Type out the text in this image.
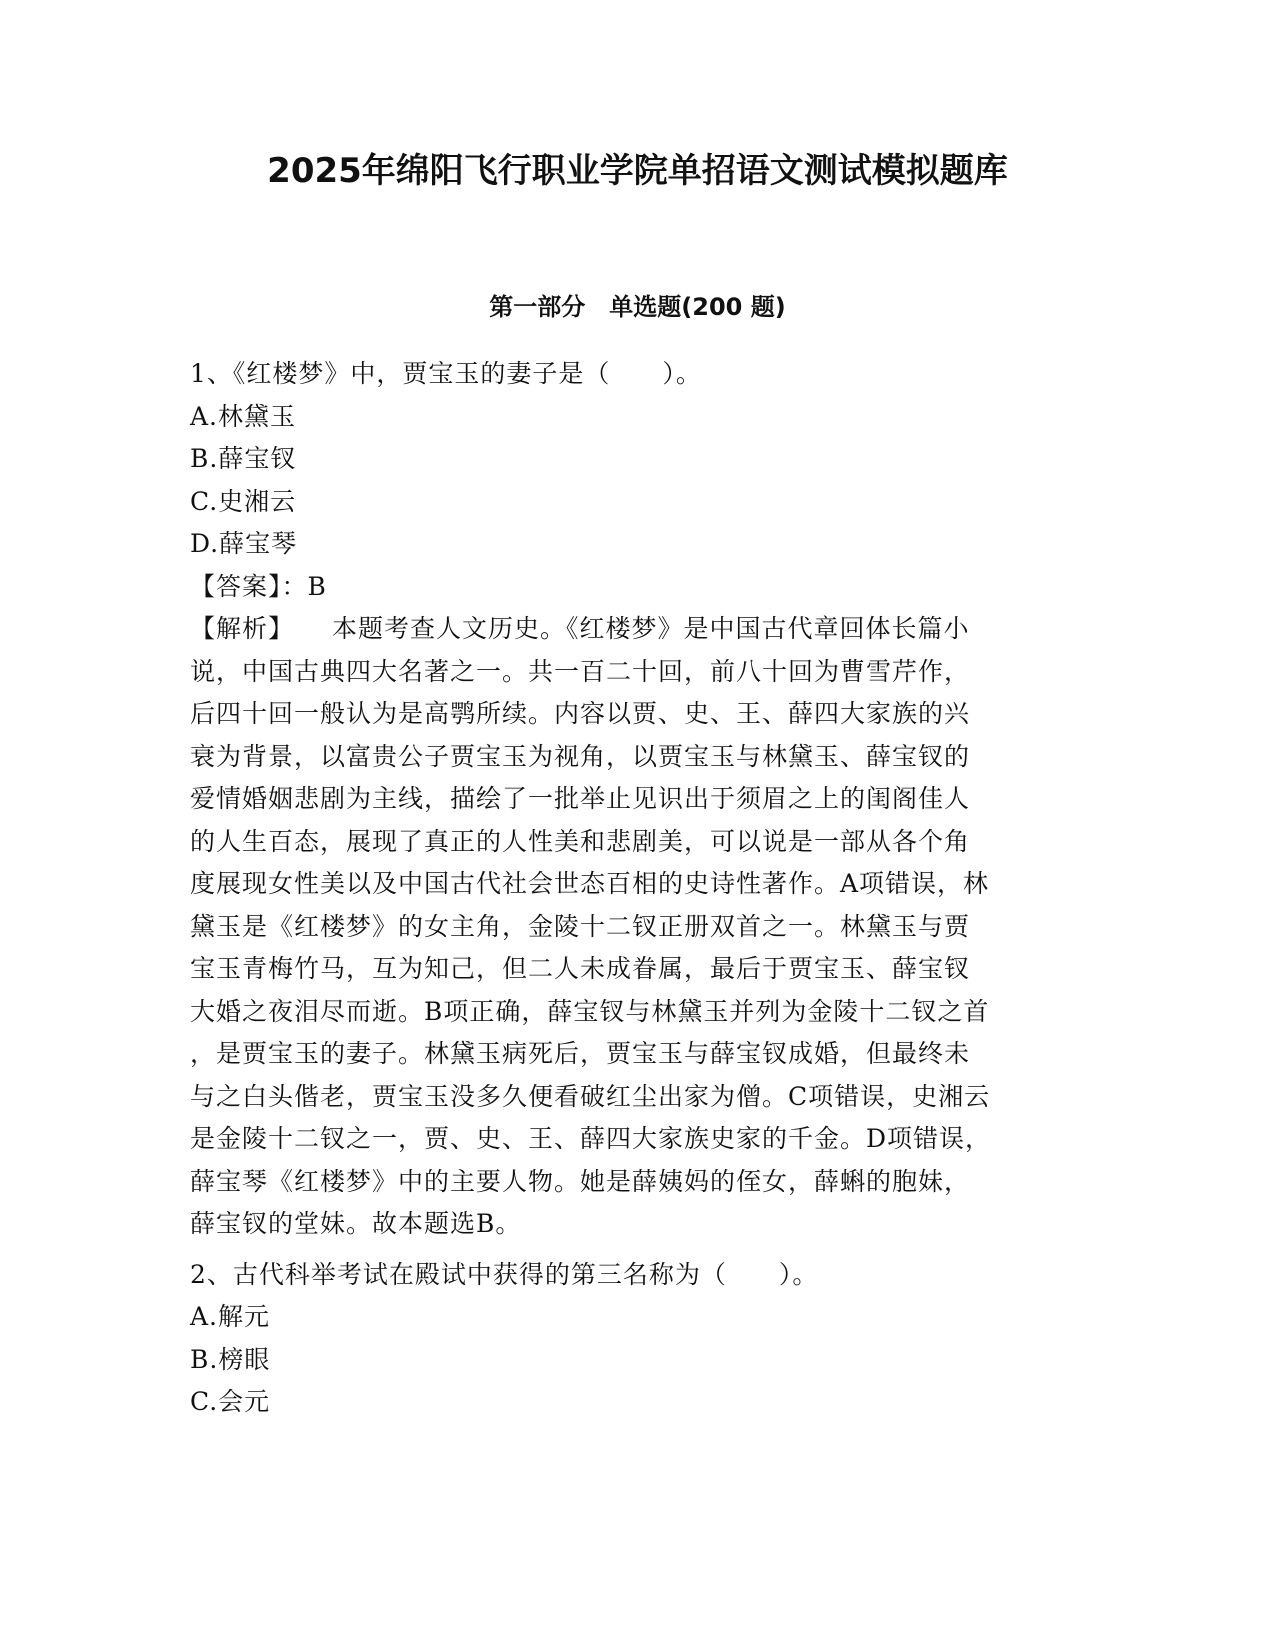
2025年绵阳飞行职业学院单招语文测试模拟题库
第一部分　单选题(200 题)
1、《红楼梦》中，贾宝玉的妻子是（　　）。
A.林黛玉
B.薛宝钗
C.史湘云
D.薛宝琴
【答案】：B
【解析】 本题考查人文历史。《红楼梦》是中国古代章回体长篇小
说，中国古典四大名著之一。共一百二十回，前八十回为曹雪芹作，
后四十回一般认为是高鹗所续。内容以贾、史、王、薛四大家族的兴
衰为背景，以富贵公子贾宝玉为视角，以贾宝玉与林黛玉、薛宝钗的
爱情婚姻悲剧为主线，描绘了一批举止见识出于须眉之上的闺阁佳人
的人生百态，展现了真正的人性美和悲剧美，可以说是一部从各个角
度展现女性美以及中国古代社会世态百相的史诗性著作。A项错误，林
黛玉是《红楼梦》的女主角，金陵十二钗正册双首之一。林黛玉与贾
宝玉青梅竹马，互为知己，但二人未成眷属，最后于贾宝玉、薛宝钗
大婚之夜泪尽而逝。B项正确，薛宝钗与林黛玉并列为金陵十二钗之首
，是贾宝玉的妻子。林黛玉病死后，贾宝玉与薛宝钗成婚，但最终未
与之白头偕老，贾宝玉没多久便看破红尘出家为僧。C项错误，史湘云
是金陵十二钗之一，贾、史、王、薛四大家族史家的千金。D项错误，
薛宝琴《红楼梦》中的主要人物。她是薛姨妈的侄女，薛蝌的胞妹，
薛宝钗的堂妹。故本题选B。
2、古代科举考试在殿试中获得的第三名称为（　　）。
A.解元
B.榜眼
C.会元
